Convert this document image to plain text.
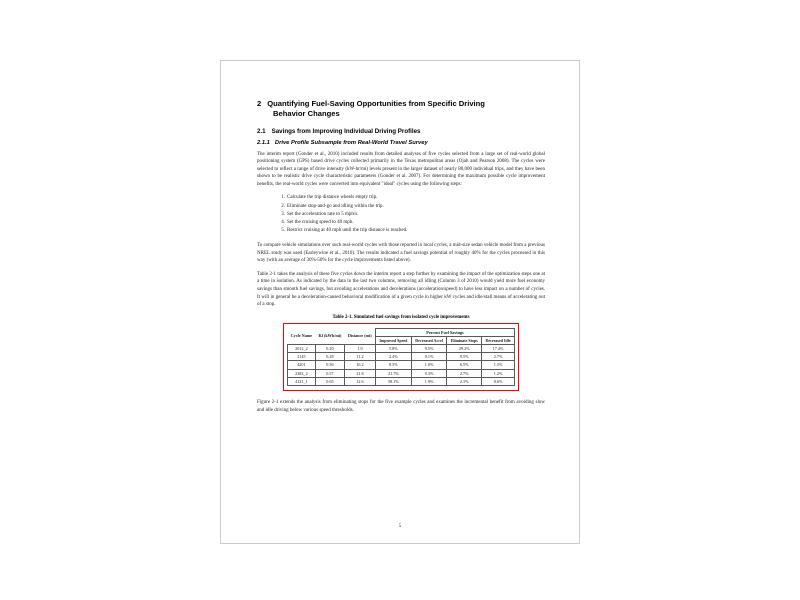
2 Quantifying Fuel-Saving Opportunities from Specific Driving
Behavior Changes
2.1 Savings from Improving Individual Driving Profiles
2.1.1 Drive Profile Subsample from Real-World Travel Survey

The interim report (Gonder et al., 2010) included results from detailed analyses of five cycles selected from a large set of real-world global positioning system (GPS) based drive cycles collected primarily in the Texas metropolitan areas (Ojah and Pearson 2008). The cycles were selected to reflect a range of drive intensity (kW-hr/mi) levels present in the larger dataset of nearly 80,000 individual trips, and they have been shown to be realistic drive cycle characteristic parameters (Gonder et al. 2007). For determining the maximum possible cycle improvement benefits, the real-world cycles were converted into equivalent "ideal" cycles using the following steps:

Calculate the trip distance wheels empty trip.
Eliminate stop-and-go and idling within the trip.
Set the acceleration rate to 5 mph/s.
Set the cruising speed to 40 mph.
Restrict cruising at 40 mph until the trip distance is reached.

To compare vehicle simulations over such real-world cycles with those reported in local cycles, a mid-size sedan vehicle model from a previous NREL study was used (Earleywine et al., 2010). The results indicated a fuel savings potential of roughly 40% for the cycles processed in this way (with an average of 30%-50% for the cycle improvements listed above).

Table 2-1 takes the analysis of these five cycles down the interim report a step further by examining the impact of the optimization steps one at a time in isolation. As indicated by the data in the last two columns, removing all idling (Column 3 of 2010) would yield more fuel economy savings than smooth fuel savings, but avoiding accelerations and decelerations (acceleration/speed) to have less impact on a number of cycles. It will in general be a deceleration-caused behavioral modification of a given cycle in higher kW cycles and idle/stall means of accelerating out of a stop.

Table 2-1. Simulated fuel savings from isolated cycle improvements
Cycle Name	Kl (kWh/mi)	Distance (mi)	Percent Fuel Savings			
			Improved Speed	Decreased Accel	Eliminate Stops	Decreased Idle
2012_2	0.20	1.9	5.8%	9.5%	29.2%	17.4%
2145	0.28	11.2	2.4%	0.1%	9.5%	2.7%
4201	0.36	16.2	8.5%	1.0%	6.5%	1.5%
2382_2	0.57	21.8	21.7%	0.3%	2.7%	1.2%
4121_1	0.65	12.6	58.1%	1.9%	2.1%	0.6%

Figure 2-1 extends the analysis from eliminating stops for the five example cycles and examines the incremental benefit from avoiding slow and idle driving below various speed thresholds.

5
